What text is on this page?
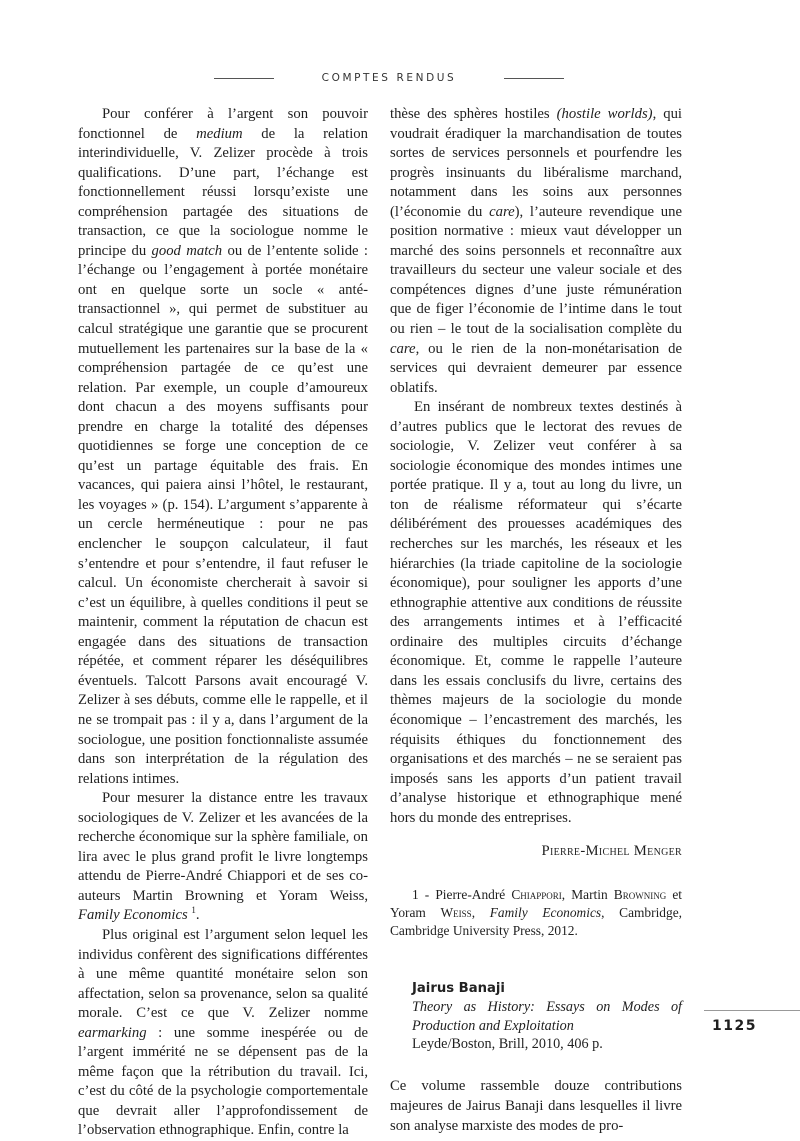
COMPTES RENDUS

Pour conférer à l’argent son pouvoir fonctionnel de medium de la relation interindividuelle, V. Zelizer procède à trois qualifications. D’une part, l’échange est fonctionnellement réussi lorsqu’existe une compréhension partagée des situations de transaction, ce que la sociologue nomme le principe du good match ou de l’entente solide : l’échange ou l’engagement à portée monétaire ont en quelque sorte un socle « anté-transactionnel », qui permet de substituer au calcul stratégique une garantie que se procurent mutuellement les partenaires sur la base de la « compréhension partagée de ce qu’est une relation. Par exemple, un couple d’amoureux dont chacun a des moyens suffisants pour prendre en charge la totalité des dépenses quotidiennes se forge une conception de ce qu’est un partage équitable des frais. En vacances, qui paiera ainsi l’hôtel, le restaurant, les voyages » (p. 154). L’argument s’apparente à un cercle herméneutique : pour ne pas enclencher le soupçon calculateur, il faut s’entendre et pour s’entendre, il faut refuser le calcul. Un économiste chercherait à savoir si c’est un équilibre, à quelles conditions il peut se maintenir, comment la réputation de chacun est engagée dans des situations de transaction répétée, et comment réparer les déséquilibres éventuels. Talcott Parsons avait encouragé V. Zelizer à ses débuts, comme elle le rappelle, et il ne se trompait pas : il y a, dans l’argument de la sociologue, une position fonctionnaliste assumée dans son interprétation de la régulation des relations intimes.

Pour mesurer la distance entre les travaux sociologiques de V. Zelizer et les avancées de la recherche économique sur la sphère familiale, on lira avec le plus grand profit le livre longtemps attendu de Pierre-André Chiappori et de ses co-auteurs Martin Browning et Yoram Weiss, Family Economics $^1$.

Plus original est l’argument selon lequel les individus confèrent des significations différentes à une même quantité monétaire selon son affectation, selon sa provenance, selon sa qualité morale. C’est ce que V. Zelizer nomme earmarking : une somme inespérée ou de l’argent immérité ne se dépensent pas de la même façon que la rétribution du travail. Ici, c’est du côté de la psychologie comportementale que devrait aller l’approfondissement de l’observation ethnographique. Enfin, contre la

thèse des sphères hostiles (hostile worlds), qui voudrait éradiquer la marchandisation de toutes sortes de services personnels et pourfendre les progrès insinuants du libéralisme marchand, notamment dans les soins aux personnes (l’économie du care), l’auteure revendique une position normative : mieux vaut développer un marché des soins personnels et reconnaître aux travailleurs du secteur une valeur sociale et des compétences dignes d’une juste rémunération que de figer l’économie de l’intime dans le tout ou rien – le tout de la socialisation complète du care, ou le rien de la non-monétarisation de services qui devraient demeurer par essence oblatifs.

En insérant de nombreux textes destinés à d’autres publics que le lectorat des revues de sociologie, V. Zelizer veut conférer à sa sociologie économique des mondes intimes une portée pratique. Il y a, tout au long du livre, un ton de réalisme réformateur qui s’écarte délibérément des prouesses académiques des recherches sur les marchés, les réseaux et les hiérarchies (la triade capitoline de la sociologie économique), pour souligner les apports d’une ethnographie attentive aux conditions de réussite des arrangements intimes et à l’efficacité ordinaire des multiples circuits d’échange économique. Et, comme le rappelle l’auteure dans les essais conclusifs du livre, certains des thèmes majeurs de la sociologie du monde économique – l’encastrement des marchés, les réquisits éthiques du fonctionnement des organisations et des marchés – ne se seraient pas imposés sans les apports d’un patient travail d’analyse historique et ethnographique mené hors du monde des entreprises.

Pierre-Michel Menger

1 - Pierre-André Chiappori, Martin Browning et Yoram Weiss, Family Economics, Cambridge, Cambridge University Press, 2012.

Jairus Banaji
Theory as History: Essays on Modes of Production and Exploitation
Leyde/Boston, Brill, 2010, 406 p.

Ce volume rassemble douze contributions majeures de Jairus Banaji dans lesquelles il livre son analyse marxiste des modes de pro-

1125
